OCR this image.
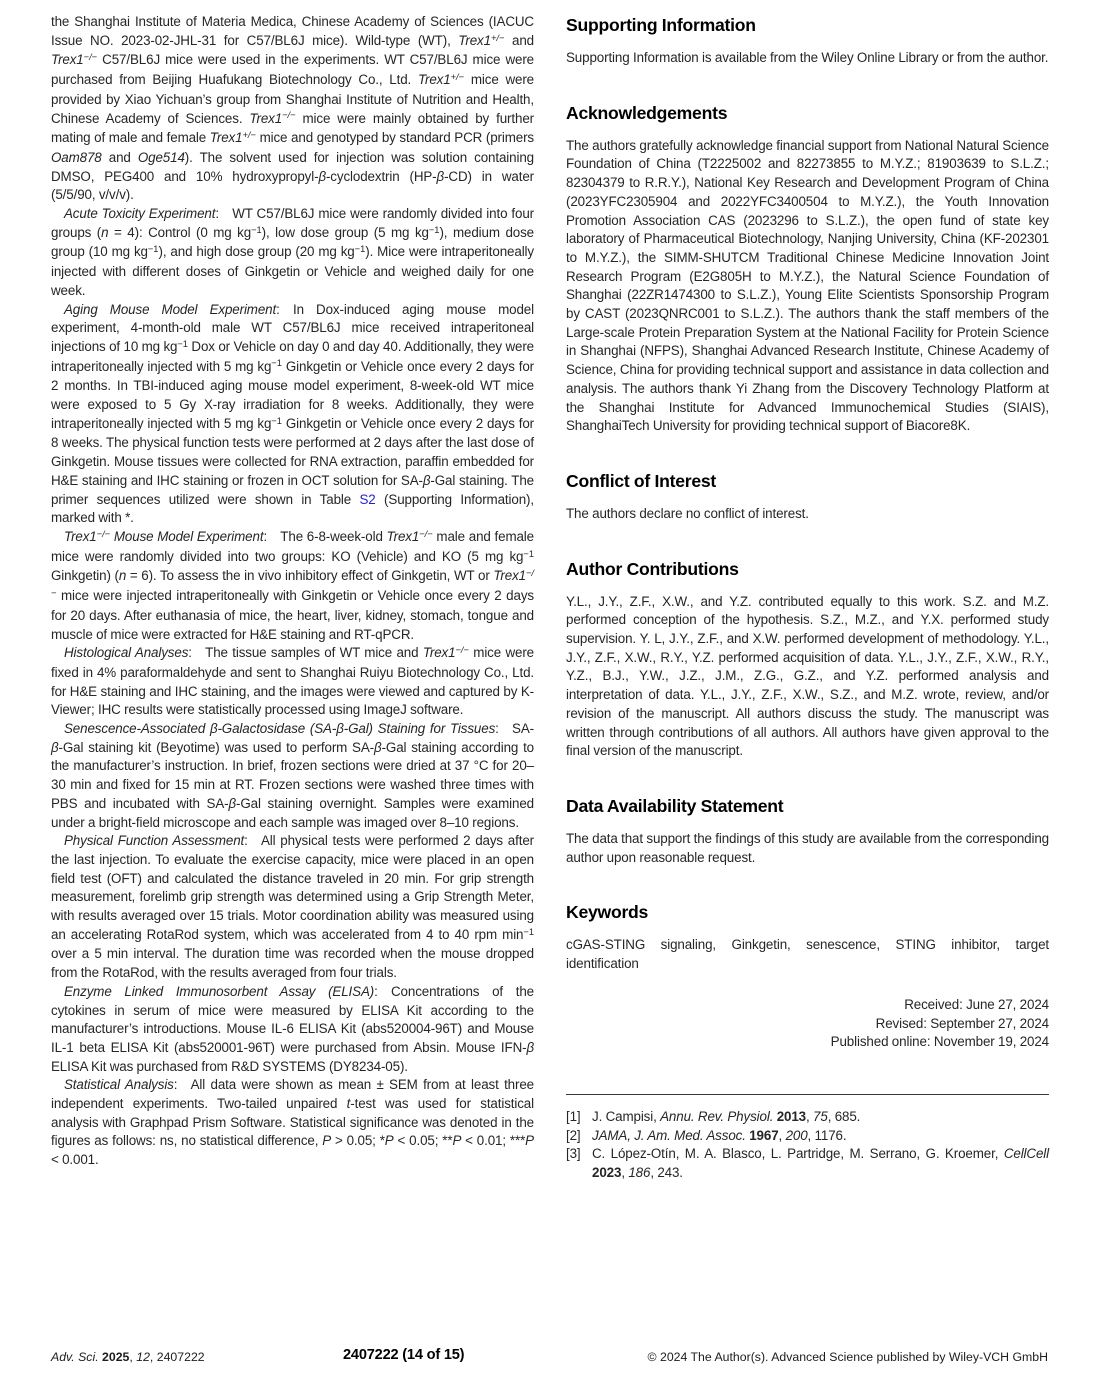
the Shanghai Institute of Materia Medica, Chinese Academy of Sciences (IACUC Issue NO. 2023-02-JHL-31 for C57/BL6J mice). Wild-type (WT), Trex1+/− and Trex1−/− C57/BL6J mice were used in the experiments. WT C57/BL6J mice were purchased from Beijing Huafukang Biotechnology Co., Ltd. Trex1+/− mice were provided by Xiao Yichuan’s group from Shanghai Institute of Nutrition and Health, Chinese Academy of Sciences. Trex1−/− mice were mainly obtained by further mating of male and female Trex1+/− mice and genotyped by standard PCR (primers Oam878 and Oge514). The solvent used for injection was solution containing DMSO, PEG400 and 10% hydroxypropyl-β-cyclodextrin (HP-β-CD) in water (5/5/90, v/v/v).

Acute Toxicity Experiment: WT C57/BL6J mice were randomly divided into four groups (n = 4): Control (0 mg $kg^{-1}$), low dose group (5 mg $kg^{-1}$), medium dose group (10 mg $kg^{-1}$), and high dose group (20 mg $kg^{-1}$). Mice were intraperitoneally injected with different doses of Ginkgetin or Vehicle and weighed daily for one week.

Aging Mouse Model Experiment: In Dox-induced aging mouse model experiment, 4-month-old male WT C57/BL6J mice received intraperitoneal injections of 10 mg $kg^{-1}$ Dox or Vehicle on day 0 and day 40. Additionally, they were intraperitoneally injected with 5 mg $kg^{-1}$ Ginkgetin or Vehicle once every 2 days for 2 months. In TBI-induced aging mouse model experiment, 8-week-old WT mice were exposed to 5 Gy X-ray irradiation for 8 weeks. Additionally, they were intraperitoneally injected with 5 mg $kg^{-1}$ Ginkgetin or Vehicle once every 2 days for 8 weeks. The physical function tests were performed at 2 days after the last dose of Ginkgetin. Mouse tissues were collected for RNA extraction, paraffin embedded for H&E staining and IHC staining or frozen in OCT solution for SA-β-Gal staining. The primer sequences utilized were shown in Table S2 (Supporting Information), marked with *.

Trex1−/− Mouse Model Experiment: The 6-8-week-old Trex1−/− male and female mice were randomly divided into two groups: KO (Vehicle) and KO (5 mg $kg^{-1}$ Ginkgetin) (n = 6). To assess the in vivo inhibitory effect of Ginkgetin, WT or Trex1−/− mice were injected intraperitoneally with Ginkgetin or Vehicle once every 2 days for 20 days. After euthanasia of mice, the heart, liver, kidney, stomach, tongue and muscle of mice were extracted for H&E staining and RT-qPCR.

Histological Analyses: The tissue samples of WT mice and Trex1−/− mice were fixed in 4% paraformaldehyde and sent to Shanghai Ruiyu Biotechnology Co., Ltd. for H&E staining and IHC staining, and the images were viewed and captured by K-Viewer; IHC results were statistically processed using ImageJ software.

Senescence-Associated β-Galactosidase (SA-β-Gal) Staining for Tissues: SA-β-Gal staining kit (Beyotime) was used to perform SA-β-Gal staining according to the manufacturer’s instruction. In brief, frozen sections were dried at 37 °C for 20–30 min and fixed for 15 min at RT. Frozen sections were washed three times with PBS and incubated with SA-β-Gal staining overnight. Samples were examined under a bright-field microscope and each sample was imaged over 8–10 regions.

Physical Function Assessment: All physical tests were performed 2 days after the last injection. To evaluate the exercise capacity, mice were placed in an open field test (OFT) and calculated the distance traveled in 20 min. For grip strength measurement, forelimb grip strength was determined using a Grip Strength Meter, with results averaged over 15 trials. Motor coordination ability was measured using an accelerating RotaRod system, which was accelerated from 4 to 40 rpm $\min^{-1}$ over a 5 min interval. The duration time was recorded when the mouse dropped from the RotaRod, with the results averaged from four trials.

Enzyme Linked Immunosorbent Assay (ELISA): Concentrations of the cytokines in serum of mice were measured by ELISA Kit according to the manufacturer’s introductions. Mouse IL-6 ELISA Kit (abs520004-96T) and Mouse IL-1 beta ELISA Kit (abs520001-96T) were purchased from Absin. Mouse IFN-β ELISA Kit was purchased from R&D SYSTEMS (DY8234-05).

Statistical Analysis: All data were shown as mean ± SEM from at least three independent experiments. Two-tailed unpaired t-test was used for statistical analysis with Graphpad Prism Software. Statistical significance was denoted in the figures as follows: ns, no statistical difference, P > 0.05; *P < 0.05; **P < 0.01; ***P < 0.001.

Supporting Information

Supporting Information is available from the Wiley Online Library or from the author.

Acknowledgements

The authors gratefully acknowledge financial support from National Natural Science Foundation of China (T2225002 and 82273855 to M.Y.Z.; 81903639 to S.L.Z.; 82304379 to R.R.Y.), National Key Research and Development Program of China (2023YFC2305904 and 2022YFC3400504 to M.Y.Z.), the Youth Innovation Promotion Association CAS (2023296 to S.L.Z.), the open fund of state key laboratory of Pharmaceutical Biotechnology, Nanjing University, China (KF-202301 to M.Y.Z.), the SIMM-SHUTCM Traditional Chinese Medicine Innovation Joint Research Program (E2G805H to M.Y.Z.), the Natural Science Foundation of Shanghai (22ZR1474300 to S.L.Z.), Young Elite Scientists Sponsorship Program by CAST (2023QNRC001 to S.L.Z.). The authors thank the staff members of the Large-scale Protein Preparation System at the National Facility for Protein Science in Shanghai (NFPS), Shanghai Advanced Research Institute, Chinese Academy of Science, China for providing technical support and assistance in data collection and analysis. The authors thank Yi Zhang from the Discovery Technology Platform at the Shanghai Institute for Advanced Immunochemical Studies (SIAIS), ShanghaiTech University for providing technical support of Biacore8K.

Conflict of Interest

The authors declare no conflict of interest.

Author Contributions

Y.L., J.Y., Z.F., X.W., and Y.Z. contributed equally to this work. S.Z. and M.Z. performed conception of the hypothesis. S.Z., M.Z., and Y.X. performed study supervision. Y. L, J.Y., Z.F., and X.W. performed development of methodology. Y.L., J.Y., Z.F., X.W., R.Y., Y.Z. performed acquisition of data. Y.L., J.Y., Z.F., X.W., R.Y., Y.Z., B.J., Y.W., J.Z., J.M., Z.G., G.Z., and Y.Z. performed analysis and interpretation of data. Y.L., J.Y., Z.F., X.W., S.Z., and M.Z. wrote, review, and/or revision of the manuscript. All authors discuss the study. The manuscript was written through contributions of all authors. All authors have given approval to the final version of the manuscript.

Data Availability Statement

The data that support the findings of this study are available from the corresponding author upon reasonable request.

Keywords

cGAS-STING signaling, Ginkgetin, senescence, STING inhibitor, target identification

Received: June 27, 2024
Revised: September 27, 2024
Published online: November 19, 2024
[1] J. Campisi, Annu. Rev. Physiol. 2013, 75, 685.
[2] JAMA, J. Am. Med. Assoc. 1967, 200, 1176.
[3] C. López-Otín, M. A. Blasco, L. Partridge, M. Serrano, G. Kroemer, CellCell 2023, 186, 243.
Adv. Sci. 2025, 12, 2407222	2407222 (14 of 15)	© 2024 The Author(s). Advanced Science published by Wiley-VCH GmbH
